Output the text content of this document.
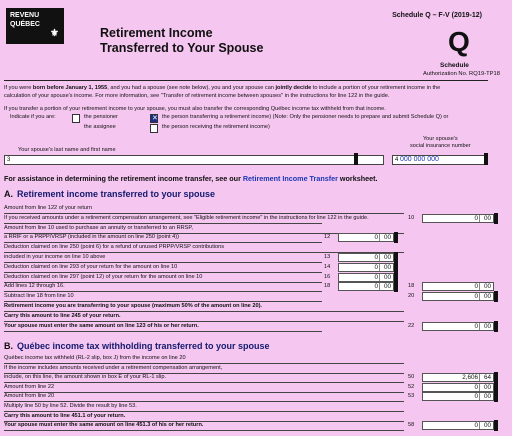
REVENU
QUÉBEC
⚜	Retirement Income
Transferred to Your Spouse
Schedule Q – F-V (2019-12)
Q
Schedule
Authorization No. RQ19-TP18
If you were born before January 1, 1955, and you had a spouse (see note below), you and your spouse can jointly decide to include a portion of your retirement income in the
calculation of your spouse's income. For more information, see "Transfer of retirement income between spouses" in the instructions for line 122 in the guide.
If you transfer a portion of your retirement income to your spouse, you must also transfer the corresponding Québec income tax withheld from that income.
Indicate if you are:	the pensioner
the assignee
✕
the person transferring a retirement income) (Note: Only the pensioner needs to prepare and submit Schedule Q) or
the person receiving the retirement income)
Your spouse's last name and first name
Your spouse's
social insurance number
3	4 000 000 000
For assistance in determining the retirement income transfer, see our Retirement Income Transfer worksheet.
A. Retirement income transferred to your spouse
B. Québec income tax withholding transferred to your spouse
Amount from line 122 of your return
If you received amounts under a retirement compensation arrangement, see "Eligible retirement income" in the instructions for line 122 in the guide.	10	0 00
Amount from line 10 used to purchase an annuity or transferred to an RRSP,
a RRIF or a PRPP/VRSP (included in the amount on line 250 (point 4))	12	0 00
Deduction claimed on line 250 (point 6) for a refund of unused PRPP/VRSP contributions
included in your income on line 10 above	13	0 00
Deduction claimed on line 293 of your return for the amount on line 10	14	0 00
Deduction claimed on line 297 (point 12) of your return for the amount on line 10	16	0 00
Add lines 12 through 16.	18	0 00	18	0 00
Subtract line 18 from line 10	20	0 00
Retirement income you are transferring to your spouse (maximum 50% of the amount on line 20).
Carry this amount to line 245 of your return.
Your spouse must enter the same amount on line 123 of his or her return.	22	0 00
Québec income tax withheld (RL-2 slip, box J) from the income on line 20
If the income includes amounts received under a retirement compensation arrangement,
include, on this line, the amount shown in box E of your RL-1 slip.	50	2,606 64
Amount from line 22	52	0 00
Amount from line 20	53	0 00
Multiply line 50 by line 52. Divide the result by line 53.
Carry this amount to line 451.1 of your return.
Your spouse must enter the same amount on line 451.3 of his or her return.	58	0 00
